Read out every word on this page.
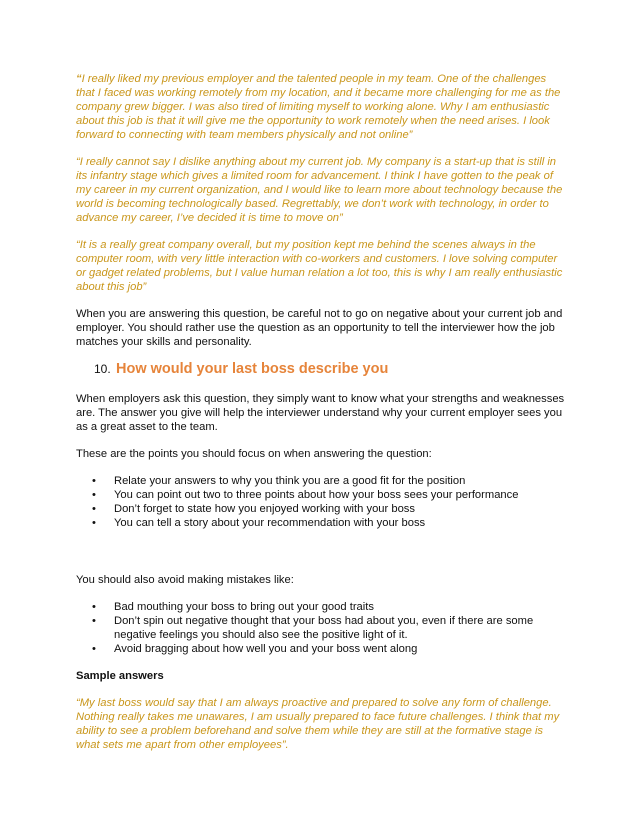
“I really liked my previous employer and the talented people in my team. One of the challenges that I faced was working remotely from my location, and it became more challenging for me as the company grew bigger. I was also tired of limiting myself to working alone. Why I am enthusiastic about this job is that it will give me the opportunity to work remotely when the need arises. I look forward to connecting with team members physically and not online”

“I really cannot say I dislike anything about my current job. My company is a start-up that is still in its infantry stage which gives a limited room for advancement. I think I have gotten to the peak of my career in my current organization, and I would like to learn more about technology because the world is becoming technologically based. Regrettably, we don’t work with technology, in order to advance my career, I’ve decided it is time to move on”

“It is a really great company overall, but my position kept me behind the scenes always in the computer room, with very little interaction with co-workers and customers. I love solving computer or gadget related problems, but I value human relation a lot too, this is why I am really enthusiastic about this job”

When you are answering this question, be careful not to go on negative about your current job and employer. You should rather use the question as an opportunity to tell the interviewer how the job matches your skills and personality.

10. How would your last boss describe you

When employers ask this question, they simply want to know what your strengths and weaknesses are. The answer you give will help the interviewer understand why your current employer sees you as a great asset to the team.

These are the points you should focus on when answering the question:

• Relate your answers to why you think you are a good fit for the position
• You can point out two to three points about how your boss sees your performance
• Don’t forget to state how you enjoyed working with your boss
• You can tell a story about your recommendation with your boss

You should also avoid making mistakes like:

• Bad mouthing your boss to bring out your good traits
• Don’t spin out negative thought that your boss had about you, even if there are some negative feelings you should also see the positive light of it.
• Avoid bragging about how well you and your boss went along

Sample answers

“My last boss would say that I am always proactive and prepared to solve any form of challenge. Nothing really takes me unawares, I am usually prepared to face future challenges. I think that my ability to see a problem beforehand and solve them while they are still at the formative stage is what sets me apart from other employees”.
